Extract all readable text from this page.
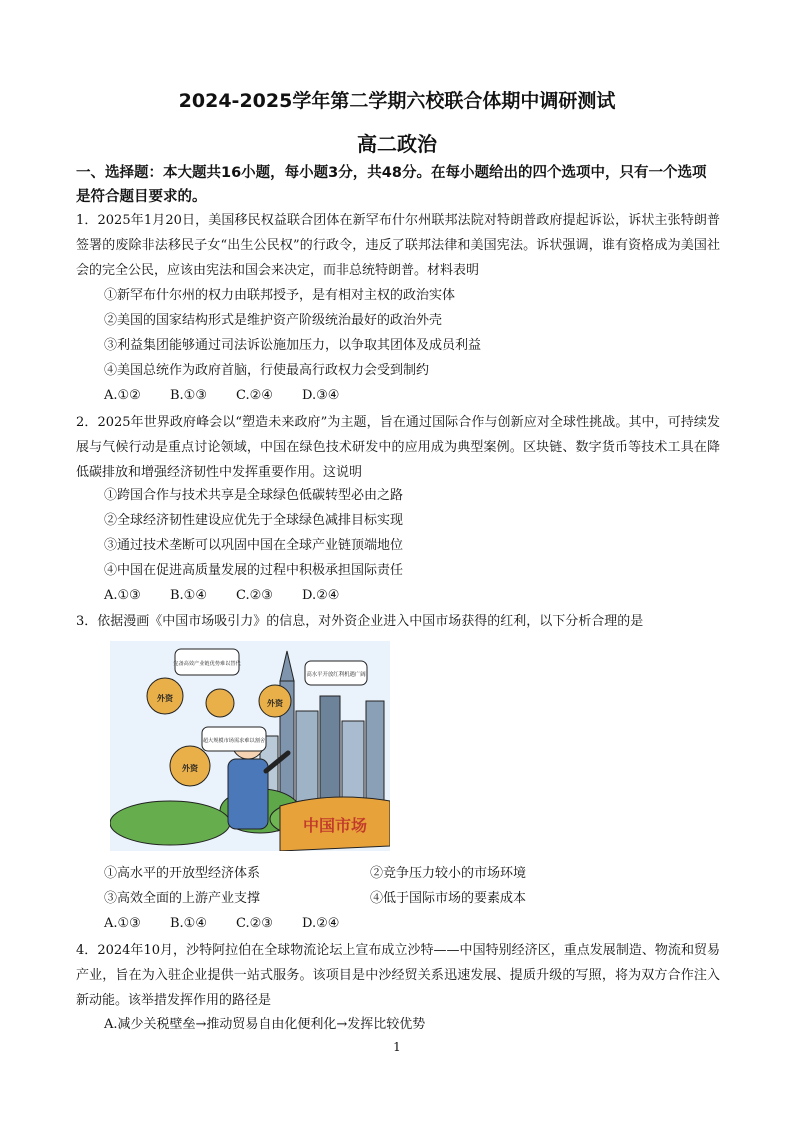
2024-2025学年第二学期六校联合体期中调研测试
高二政治
一、选择题：本大题共16小题，每小题3分，共48分。在每小题给出的四个选项中，只有一个选项是符合题目要求的。
1．2025年1月20日，美国移民权益联合团体在新罕布什尔州联邦法院对特朗普政府提起诉讼，诉状主张特朗普签署的废除非法移民子女“出生公民权”的行政令，违反了联邦法律和美国宪法。诉状强调，谁有资格成为美国社会的完全公民，应该由宪法和国会来决定，而非总统特朗普。材料表明
①新罕布什尔州的权力由联邦授予，是有相对主权的政治实体
②美国的国家结构形式是维护资产阶级统治最好的政治外壳
③利益集团能够通过司法诉讼施加压力，以争取其团体及成员利益
④美国总统作为政府首脑，行使最高行政权力会受到制约
A.①② B.①③ C.②④ D.③④
2．2025年世界政府峰会以“塑造未来政府”为主题，旨在通过国际合作与创新应对全球性挑战。其中，可持续发展与气候行动是重点讨论领域，中国在绿色技术研发中的应用成为典型案例。区块链、数字货币等技术工具在降低碳排放和增强经济韧性中发挥重要作用。这说明
①跨国合作与技术共享是全球绿色低碳转型必由之路
②全球经济韧性建设应优先于全球绿色减排目标实现
③通过技术垄断可以巩固中国在全球产业链顶端地位
④中国在促进高质量发展的过程中积极承担国际责任
A.①③ B.①④ C.②③ D.②④
3．依据漫画《中国市场吸引力》的信息，对外资企业进入中国市场获得的红利，以下分析合理的是
中国市场
外资
外资
外资
完备高效产业链优势难以替代
高水平开放红利机遇广阔
超大规模市场需求难以割舍
①高水平的开放型经济体系	②竞争压力较小的市场环境
③高效全面的上游产业支撑	④低于国际市场的要素成本
A.①③ B.①④ C.②③ D.②④
4．2024年10月，沙特阿拉伯在全球物流论坛上宣布成立沙特——中国特别经济区，重点发展制造、物流和贸易产业，旨在为入驻企业提供一站式服务。该项目是中沙经贸关系迅速发展、提质升级的写照，将为双方合作注入新动能。该举措发挥作用的路径是
A.减少关税壁垒→推动贸易自由化便利化→发挥比较优势
1
